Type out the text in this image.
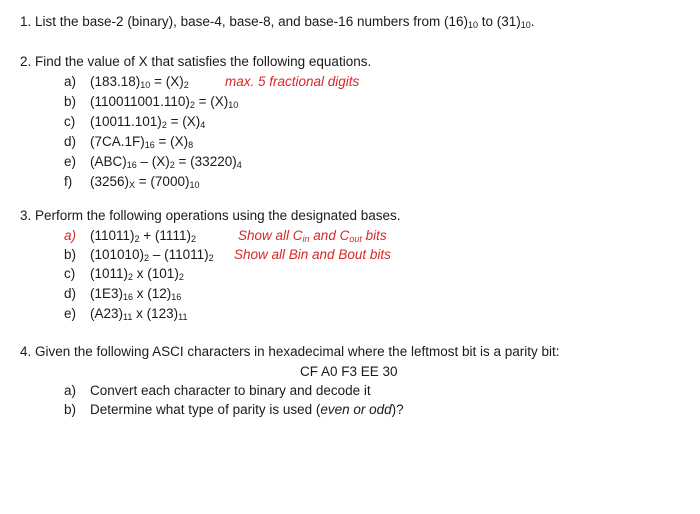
1. List the base-2 (binary), base-4, base-8, and base-16 numbers from $(16)_{10}$ to $(31)_{10}$.
2. Find the value of X that satisfies the following equations.
a) $(183.18)_{10} = (X)_2$	max. 5 fractional digits
b) $(110011001.110)_2 = (X)_{10}$
c) $(10011.101)_2 = (X)_4$
d) $(7CA.1F)_{16} = (X)_8$
e) $(ABC)_{16} - (X)_2 = (33220)_4$
f) $(3256)_X = (7000)_{10}$
3. Perform the following operations using the designated bases.
a) $(11011)_2 + (1111)_2$	Show all $C_{in}$ and $C_{out}$ bits
b) $(101010)_2 - (11011)_2$ Show all Bin and Bout bits
c) $(1011)_2$ x $(101)_2$
d) $(1E3)_{16}$ x $(12)_{16}$
e) $(A23)_{11}$ x $(123)_{11}$
4. Given the following ASCI characters in hexadecimal where the leftmost bit is a parity bit:
CF A0 F3 EE 30
a) Convert each character to binary and decode it
b) Determine what type of parity is used (even or odd)?
